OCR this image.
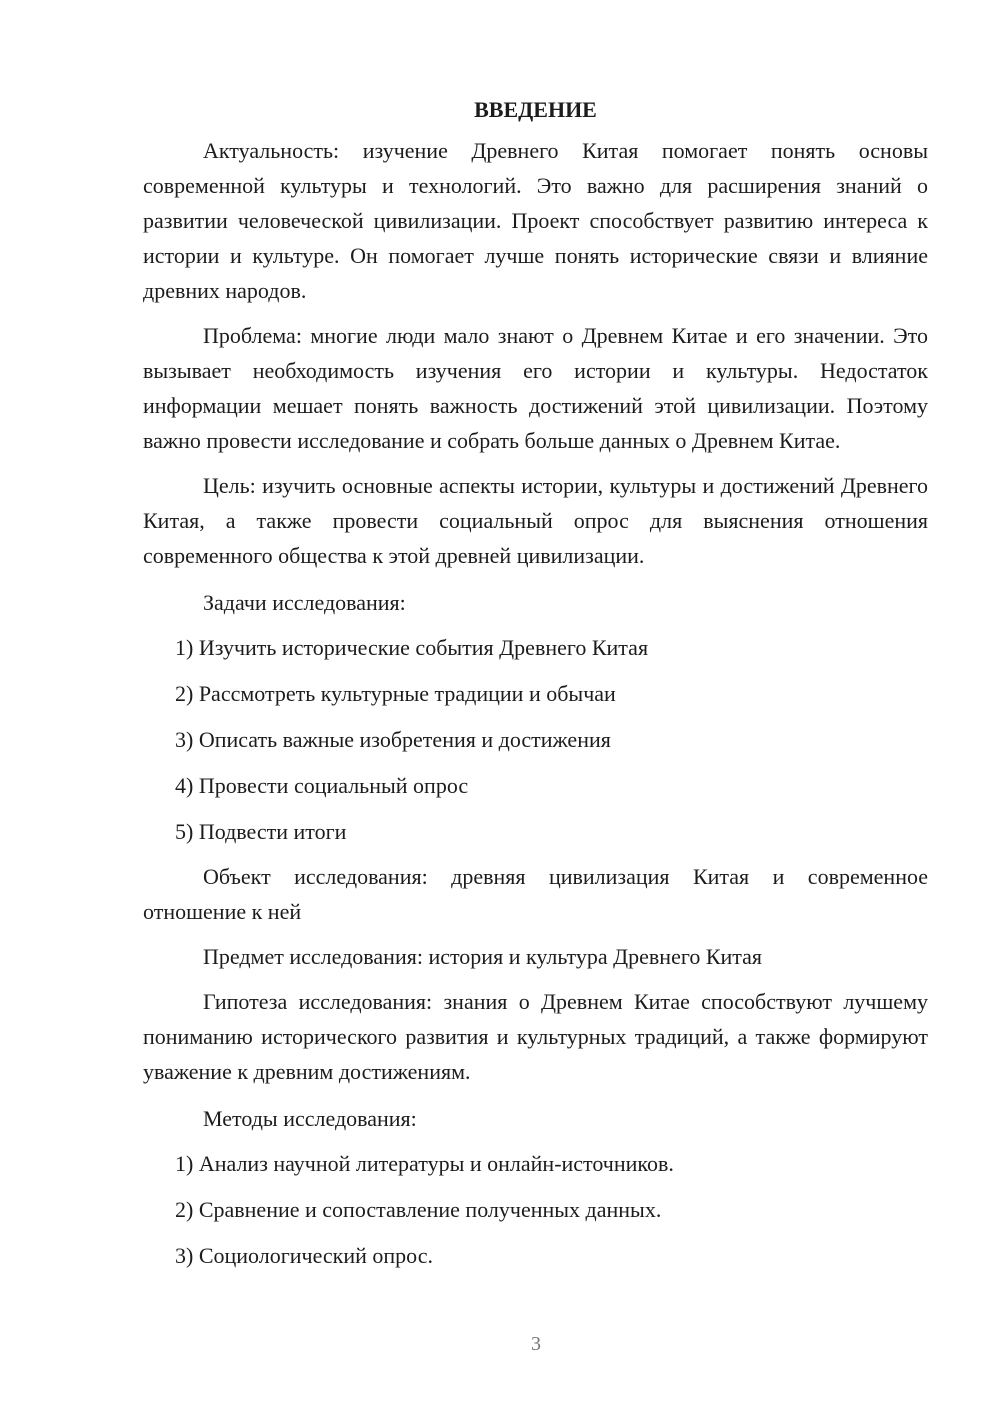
ВВЕДЕНИЕ

Актуальность: изучение Древнего Китая помогает понять основы современной культуры и технологий. Это важно для расширения знаний о развитии человеческой цивилизации. Проект способствует развитию интереса к истории и культуре. Он помогает лучше понять исторические связи и влияние древних народов.

Проблема: многие люди мало знают о Древнем Китае и его значении. Это вызывает необходимость изучения его истории и культуры. Недостаток информации мешает понять важность достижений этой цивилизации. Поэтому важно провести исследование и собрать больше данных о Древнем Китае.

Цель: изучить основные аспекты истории, культуры и достижений Древнего Китая, а также провести социальный опрос для выяснения отношения современного общества к этой древней цивилизации.

Задачи исследования:

1) Изучить исторические события Древнего Китая
2) Рассмотреть культурные традиции и обычаи
3) Описать важные изобретения и достижения
4) Провести социальный опрос
5) Подвести итоги

Объект исследования: древняя цивилизация Китая и современное отношение к ней

Предмет исследования: история и культура Древнего Китая

Гипотеза исследования: знания о Древнем Китае способствуют лучшему пониманию исторического развития и культурных традиций, а также формируют уважение к древним достижениям.

Методы исследования:

1) Анализ научной литературы и онлайн-источников.
2) Сравнение и сопоставление полученных данных.
3) Социологический опрос.
3
